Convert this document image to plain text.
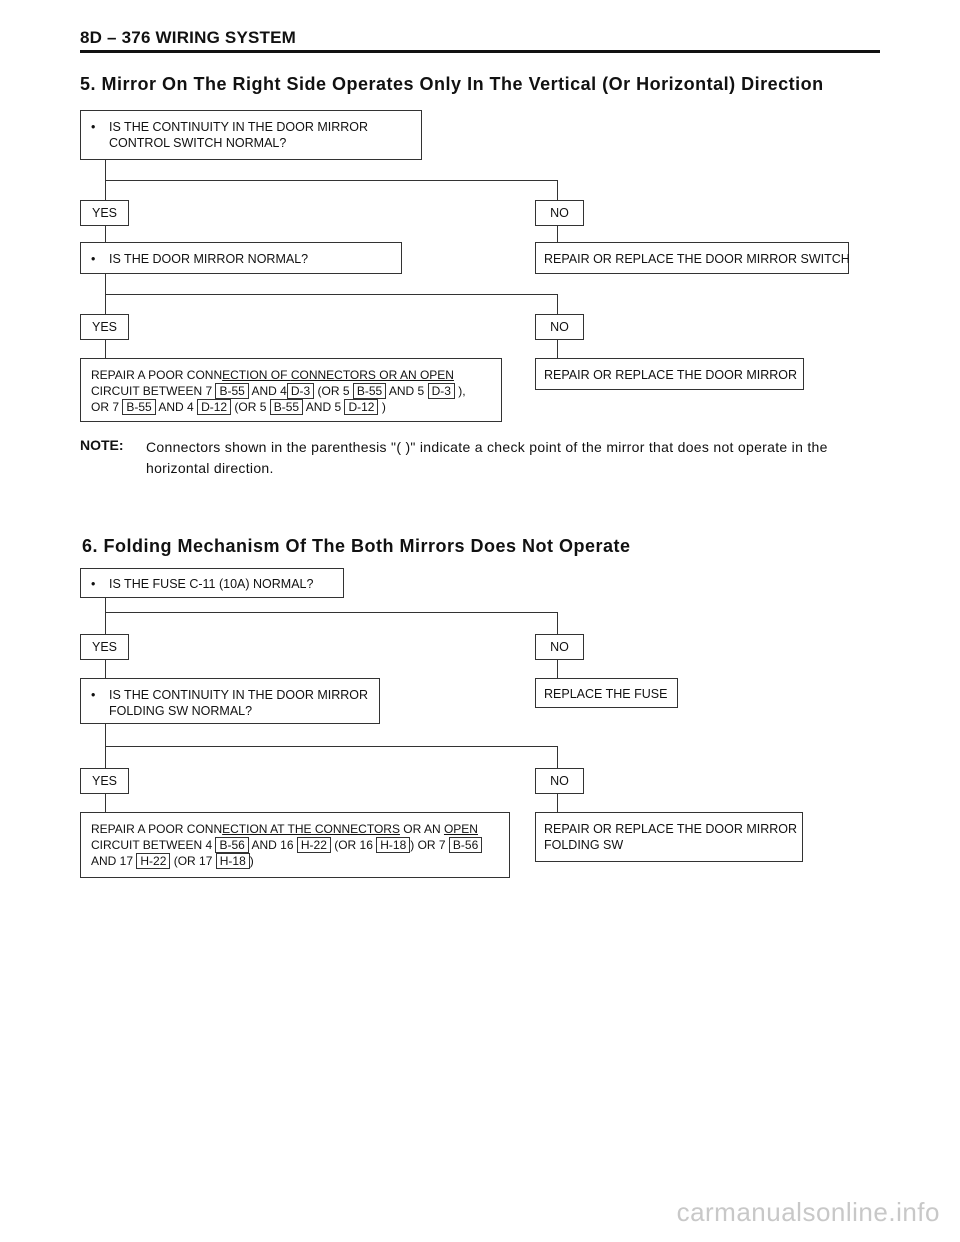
8D – 376 WIRING SYSTEM
5. Mirror On The Right Side Operates Only In The Vertical (Or Horizontal) Direction
•	IS THE CONTINUITY IN THE DOOR MIRROR
CONTROL SWITCH NORMAL?
YES	NO
•	IS THE DOOR MIRROR NORMAL?	REPAIR OR REPLACE THE DOOR MIRROR SWITCH
YES	NO
REPAIR A POOR CONNECTION OF CONNECTORS OR AN OPEN
CIRCUIT BETWEEN 7 B-55 AND 4 D-3 (OR 5 B-55 AND 5 D-3 ),
OR 7 B-55 AND 4 D-12 (OR 5 B-55 AND 5 D-12 )
REPAIR OR REPLACE THE DOOR MIRROR
NOTE: Connectors shown in the parenthesis "( )" indicate a check point of the mirror that does not operate in the horizontal direction.
6. Folding Mechanism Of The Both Mirrors Does Not Operate
•	IS THE FUSE C-11 (10A) NORMAL?
YES	NO
•	IS THE CONTINUITY IN THE DOOR MIRROR
FOLDING SW NORMAL?
REPLACE THE FUSE
YES	NO
REPAIR A POOR CONNECTION AT THE CONNECTORS OR AN OPEN
CIRCUIT BETWEEN 4 B-56 AND 16 H-22 (OR 16 H-18 ) OR 7 B-56
AND 17 H-22 (OR 17 H-18 )
REPAIR OR REPLACE THE DOOR MIRROR
FOLDING SW
carmanualsonline.info
